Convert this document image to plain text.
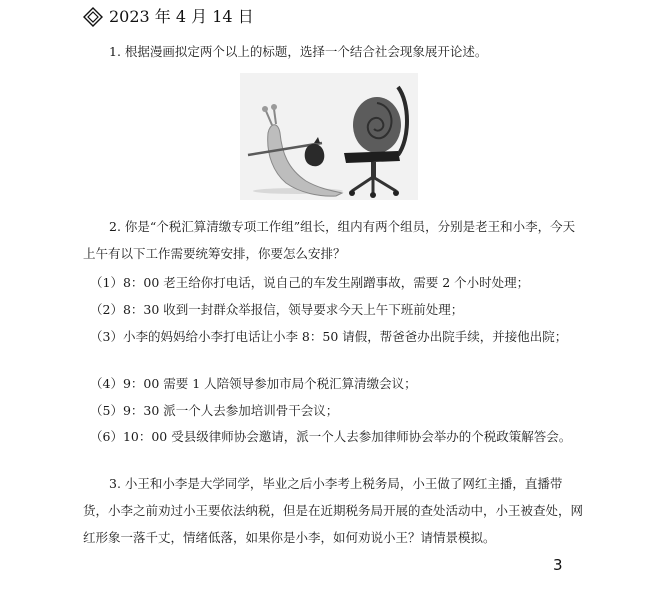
2023 年 4 月 14 日

1. 根据漫画拟定两个以上的标题，选择一个结合社会现象展开论述。

2. 你是“个税汇算清缴专项工作组”组长，组内有两个组员，分别是老王和小李，今天上午有以下工作需要统筹安排，你要怎么安排？

（1）8：00 老王给你打电话，说自己的车发生剐蹭事故，需要 2 个小时处理；

（2）8：30 收到一封群众举报信，领导要求今天上午下班前处理；

（3）小李的妈妈给小李打电话让小李 8：50 请假，帮爸爸办出院手续，并接他出院；

（4）9：00 需要 1 人陪领导参加市局个税汇算清缴会议；

（5）9：30 派一个人去参加培训骨干会议；

（6）10：00 受县级律师协会邀请，派一个人去参加律师协会举办的个税政策解答会。

3. 小王和小李是大学同学，毕业之后小李考上税务局，小王做了网红主播，直播带货，小李之前劝过小王要依法纳税，但是在近期税务局开展的查处活动中，小王被查处，网红形象一落千丈，情绪低落，如果你是小李，如何劝说小王？请情景模拟。

3
